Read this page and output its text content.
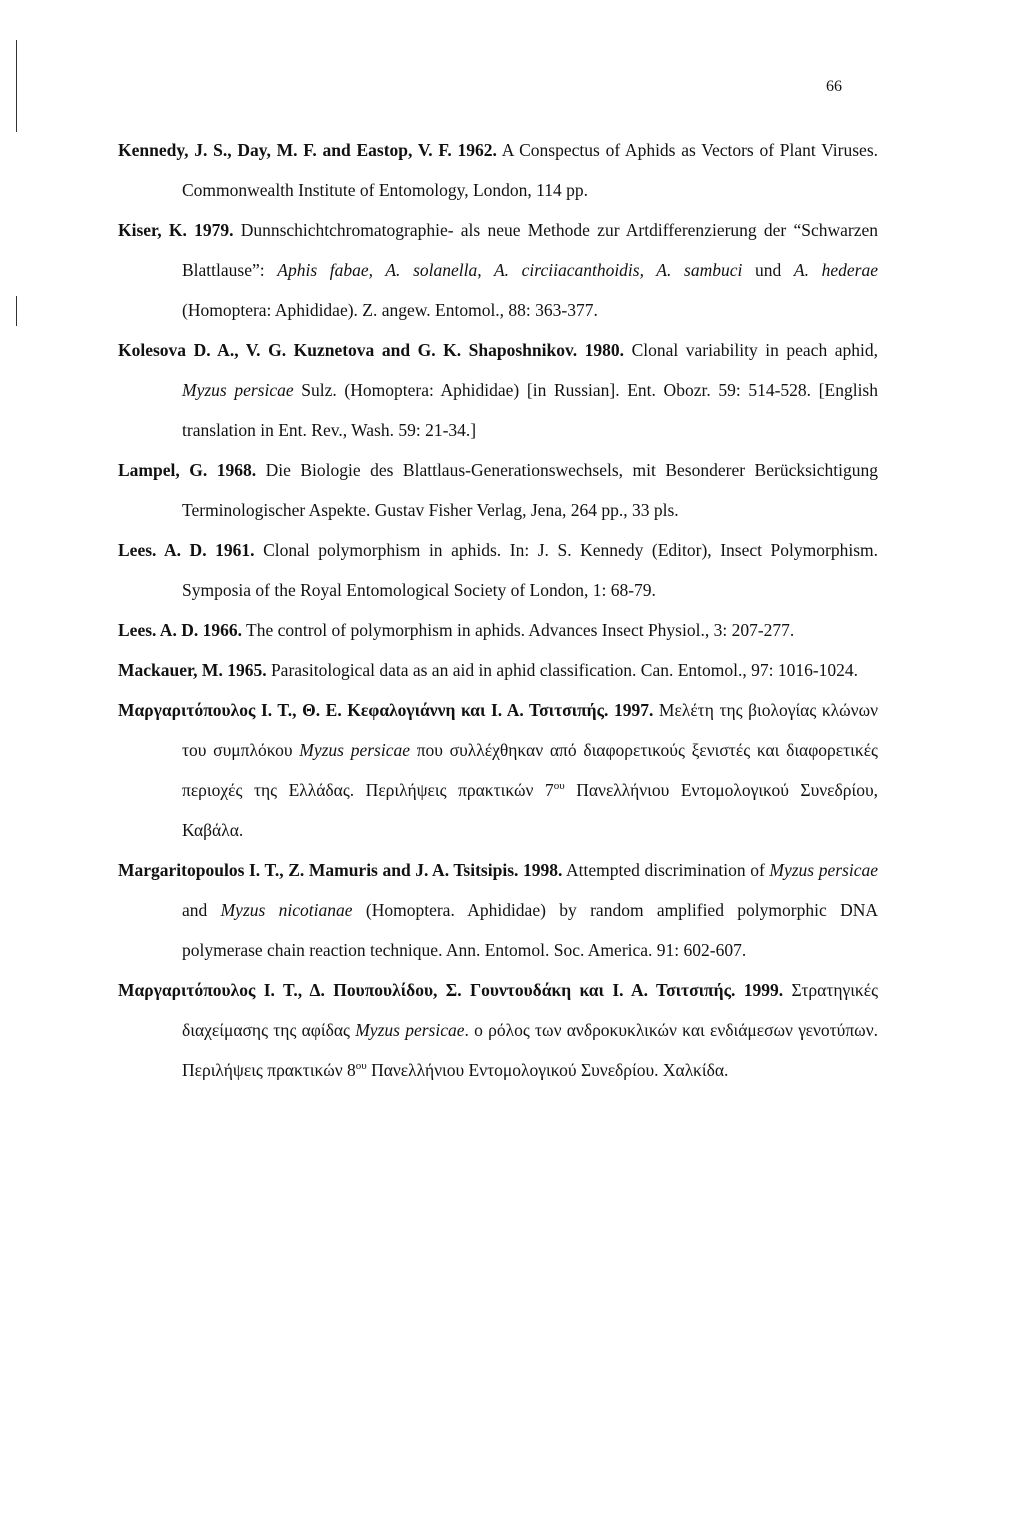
66

Kennedy, J. S., Day, M. F. and Eastop, V. F. 1962. A Conspectus of Aphids as Vectors of Plant Viruses. Commonwealth Institute of Entomology, London, 114 pp.

Kiser, K. 1979. Dunnschichtchromatographie- als neue Methode zur Artdifferenzierung der “Schwarzen Blattlause”: Aphis fabae, A. solanella, A. circiiacanthoidis, A. sambuci und A. hederae (Homoptera: Aphididae). Z. angew. Entomol., 88: 363-377.

Kolesova D. A., V. G. Kuznetova and G. K. Shaposhnikov. 1980. Clonal variability in peach aphid, Myzus persicae Sulz. (Homoptera: Aphididae) [in Russian]. Ent. Obozr. 59: 514-528. [English translation in Ent. Rev., Wash. 59: 21-34.]

Lampel, G. 1968. Die Biologie des Blattlaus-Generationswechsels, mit Besonderer Berücksichtigung Terminologischer Aspekte. Gustav Fisher Verlag, Jena, 264 pp., 33 pls.

Lees. A. D. 1961. Clonal polymorphism in aphids. In: J. S. Kennedy (Editor), Insect Polymorphism. Symposia of the Royal Entomological Society of London, 1: 68-79.

Lees. A. D. 1966. The control of polymorphism in aphids. Advances Insect Physiol., 3: 207-277.

Mackauer, M. 1965. Parasitological data as an aid in aphid classification. Can. Entomol., 97: 1016-1024.

Μαργαριτόπουλος Ι. Τ., Θ. Ε. Κεφαλογιάννη και Ι. Α. Τσιτσιπής. 1997. Μελέτη της βιολογίας κλώνων του συμπλόκου Myzus persicae που συλλέχθηκαν από διαφορετικούς ξενιστές και διαφορετικές περιοχές της Ελλάδας. Περιλήψεις πρακτικών $7^{o\upsilon}$ Πανελλήνιου Εντομολογικού Συνεδρίου, Καβάλα.

Margaritopoulos I. T., Z. Mamuris and J. A. Tsitsipis. 1998. Attempted discrimination of Myzus persicae and Myzus nicotianae (Homoptera. Aphididae) by random amplified polymorphic DNA polymerase chain reaction technique. Ann. Entomol. Soc. America. 91: 602-607.

Μαργαριτόπουλος Ι. Τ., Δ. Πουπουλίδου, Σ. Γουντουδάκη και Ι. Α. Τσιτσιπής. 1999. Στρατηγικές διαχείμασης της αφίδας Myzus persicae. ο ρόλος των ανδροκυκλικών και ενδιάμεσων γενοτύπων. Περιλήψεις πρακτικών $8^{o\upsilon}$ Πανελλήνιου Εντομολογικού Συνεδρίου. Χαλκίδα.
